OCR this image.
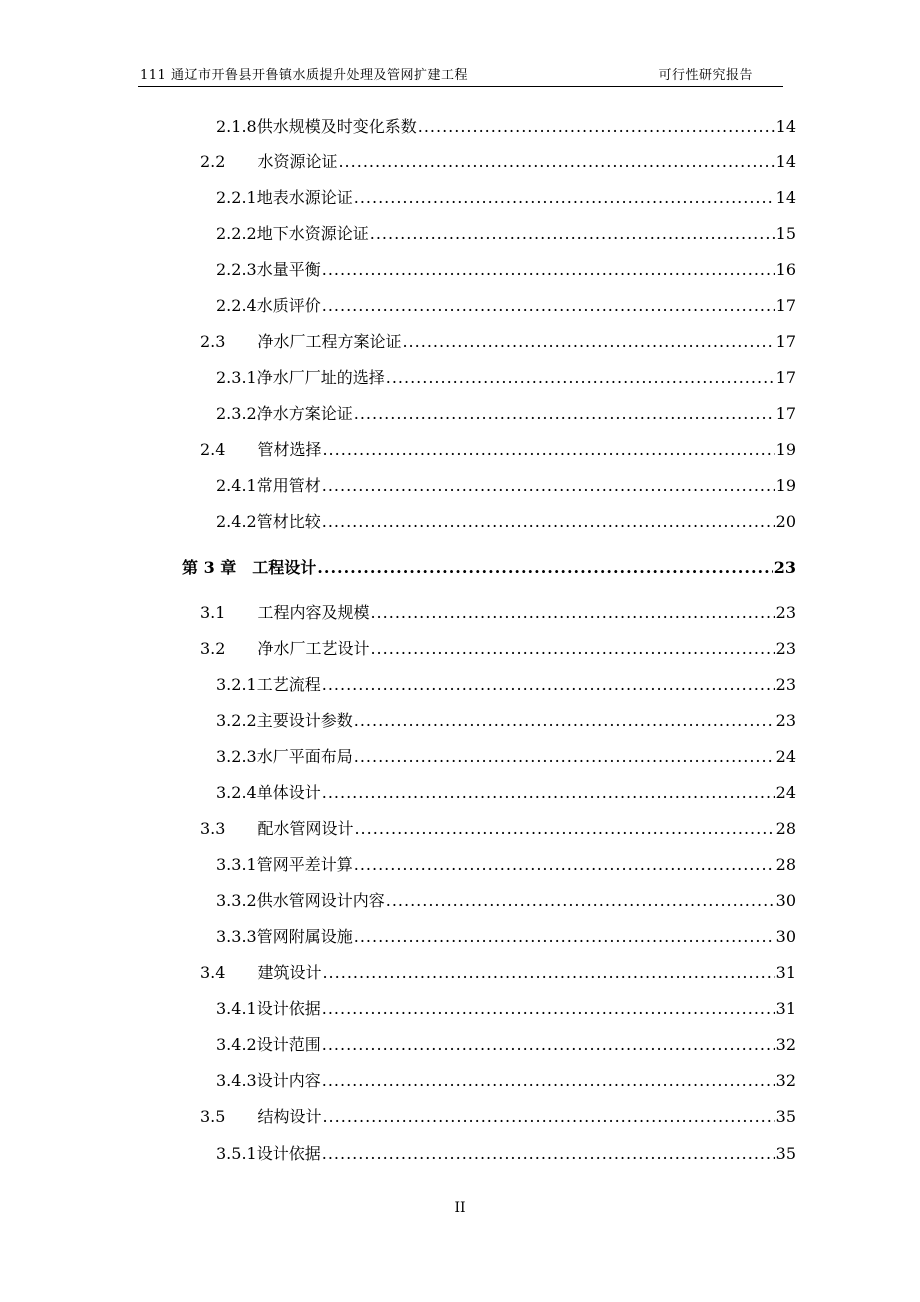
111 通辽市开鲁县开鲁镇水质提升处理及管网扩建工程	可行性研究报告
2.1.8 供水规模及时变化系数 .....	14
2.2 水资源论证 .....	14
2.2.1 地表水源论证 .....	14
2.2.2 地下水资源论证 .....	15
2.2.3 水量平衡 .....	16
2.2.4 水质评价 .....	17
2.3 净水厂工程方案论证 .....	17
2.3.1 净水厂厂址的选择 .....	17
2.3.2 净水方案论证 .....	17
2.4 管材选择 .....	19
2.4.1 常用管材 .....	19
2.4.2 管材比较 .....	20
第 3 章 工程设计 .....	23
3.1 工程内容及规模 .....	23
3.2 净水厂工艺设计 .....	23
3.2.1 工艺流程 .....	23
3.2.2 主要设计参数 .....	23
3.2.3 水厂平面布局 .....	24
3.2.4 单体设计 .....	24
3.3 配水管网设计 .....	28
3.3.1 管网平差计算 .....	28
3.3.2 供水管网设计内容 .....	30
3.3.3 管网附属设施 .....	30
3.4 建筑设计 .....	31
3.4.1 设计依据 .....	31
3.4.2 设计范围 .....	32
3.4.3 设计内容 .....	32
3.5 结构设计 .....	35
3.5.1 设计依据 .....	35
II
